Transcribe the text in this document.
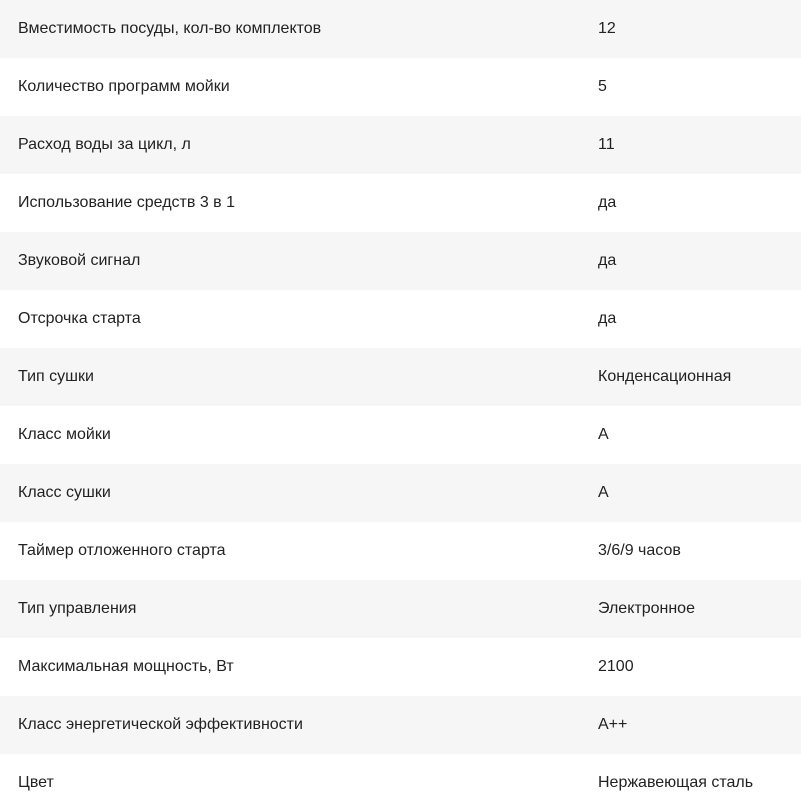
Вместимость посуды, кол-во комплектов	12
Количество программ мойки	5
Расход воды за цикл, л	11
Использование средств 3 в 1	да
Звуковой сигнал	да
Отсрочка старта	да
Тип сушки	Конденсационная
Класс мойки	A
Класс сушки	A
Таймер отложенного старта	3/6/9 часов
Тип управления	Электронное
Максимальная мощность, Вт	2100
Класс энергетической эффективности	A++
Цвет	Нержавеющая сталь
